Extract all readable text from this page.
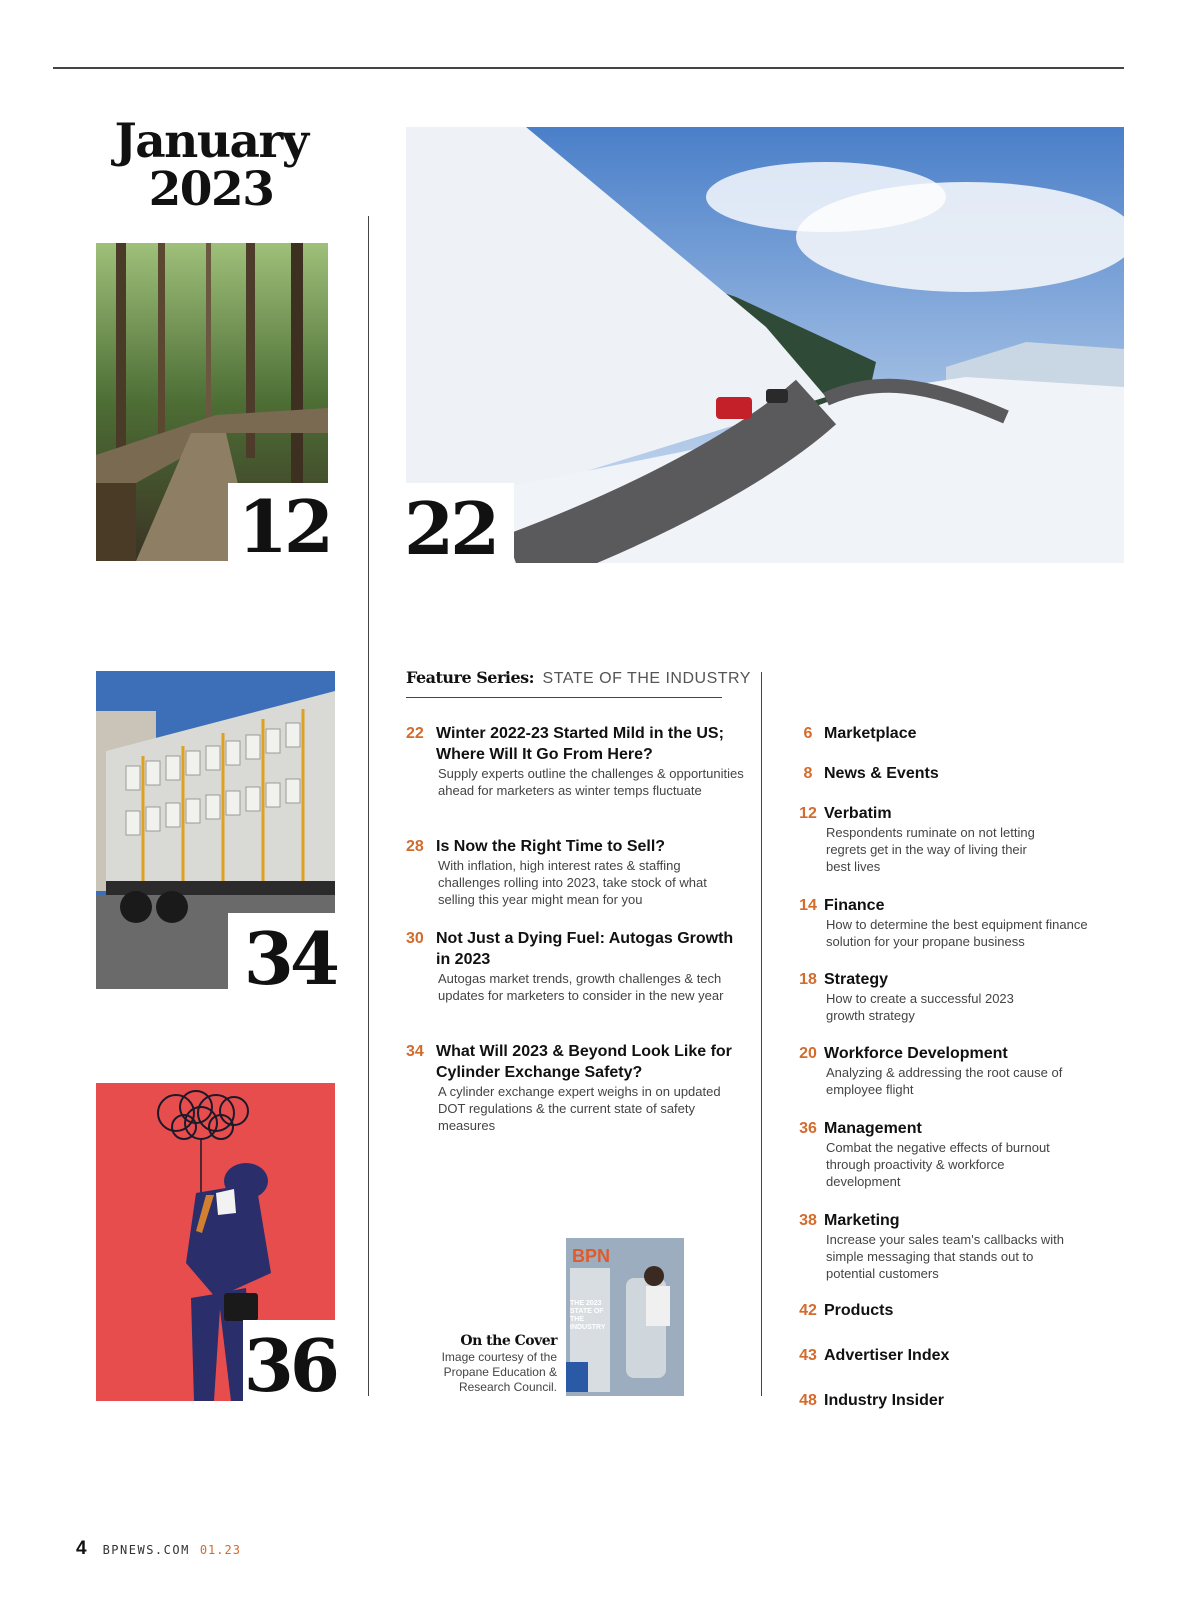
January
2023
12 22
34
36
Feature Series: STATE OF THE INDUSTRY
22 Winter 2022-23 Started Mild in the US; Where Will It Go From Here?
Supply experts outline the challenges & opportunities ahead for marketers as winter temps fluctuate
28 Is Now the Right Time to Sell?
With inflation, high interest rates & staffing challenges rolling into 2023, take stock of what selling this year might mean for you
30 Not Just a Dying Fuel: Autogas Growth in 2023
Autogas market trends, growth challenges & tech updates for marketers to consider in the new year
34 What Will 2023 & Beyond Look Like for Cylinder Exchange Safety?
A cylinder exchange expert weighs in on updated DOT regulations & the current state of safety measures
6 Marketplace
8 News & Events
12 Verbatim
Respondents ruminate on not letting regrets get in the way of living their best lives
14 Finance
How to determine the best equipment finance solution for your propane business
18 Strategy
How to create a successful 2023 growth strategy
20 Workforce Development
Analyzing & addressing the root cause of employee flight
36 Management
Combat the negative effects of burnout through proactivity & workforce development
38 Marketing
Increase your sales team's callbacks with simple messaging that stands out to potential customers
42 Products
43 Advertiser Index
48 Industry Insider
On the Cover
Image courtesy of the Propane Education & Research Council.
BPN
THE 2023 STATE OF THE INDUSTRY
4 BPNEWS.COM 01.23
